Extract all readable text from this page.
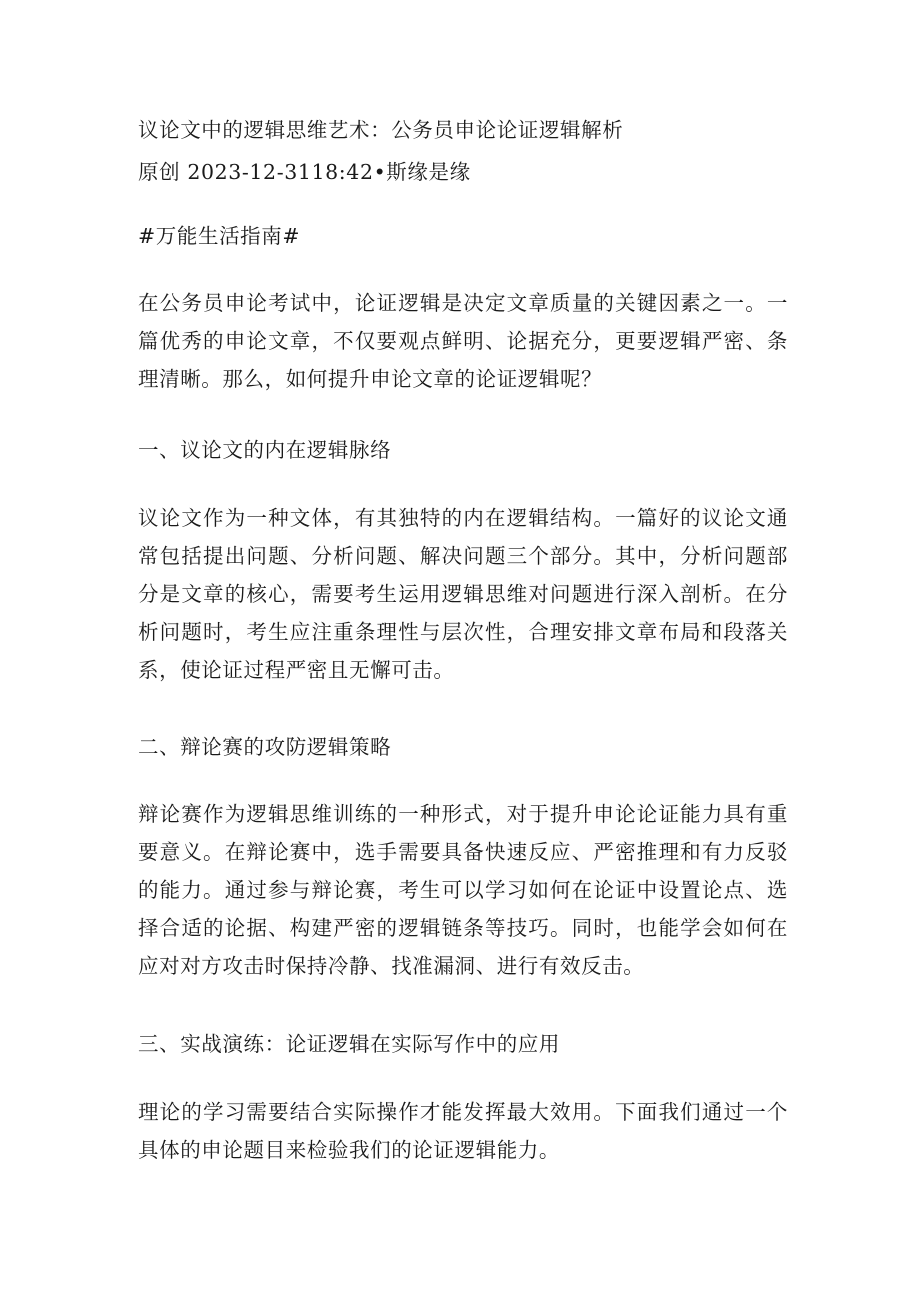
议论文中的逻辑思维艺术：公务员申论论证逻辑解析
原创 2023-12-3118:42•斯缘是缘
#万能生活指南#
在公务员申论考试中，论证逻辑是决定文章质量的关键因素之一。一篇优秀的申论文章，不仅要观点鲜明、论据充分，更要逻辑严密、条理清晰。那么，如何提升申论文章的论证逻辑呢？
一、议论文的内在逻辑脉络
议论文作为一种文体，有其独特的内在逻辑结构。一篇好的议论文通常包括提出问题、分析问题、解决问题三个部分。其中，分析问题部分是文章的核心，需要考生运用逻辑思维对问题进行深入剖析。在分析问题时，考生应注重条理性与层次性，合理安排文章布局和段落关系，使论证过程严密且无懈可击。
二、辩论赛的攻防逻辑策略
辩论赛作为逻辑思维训练的一种形式，对于提升申论论证能力具有重要意义。在辩论赛中，选手需要具备快速反应、严密推理和有力反驳的能力。通过参与辩论赛，考生可以学习如何在论证中设置论点、选择合适的论据、构建严密的逻辑链条等技巧。同时，也能学会如何在应对对方攻击时保持冷静、找准漏洞、进行有效反击。
三、实战演练：论证逻辑在实际写作中的应用
理论的学习需要结合实际操作才能发挥最大效用。下面我们通过一个具体的申论题目来检验我们的论证逻辑能力。
